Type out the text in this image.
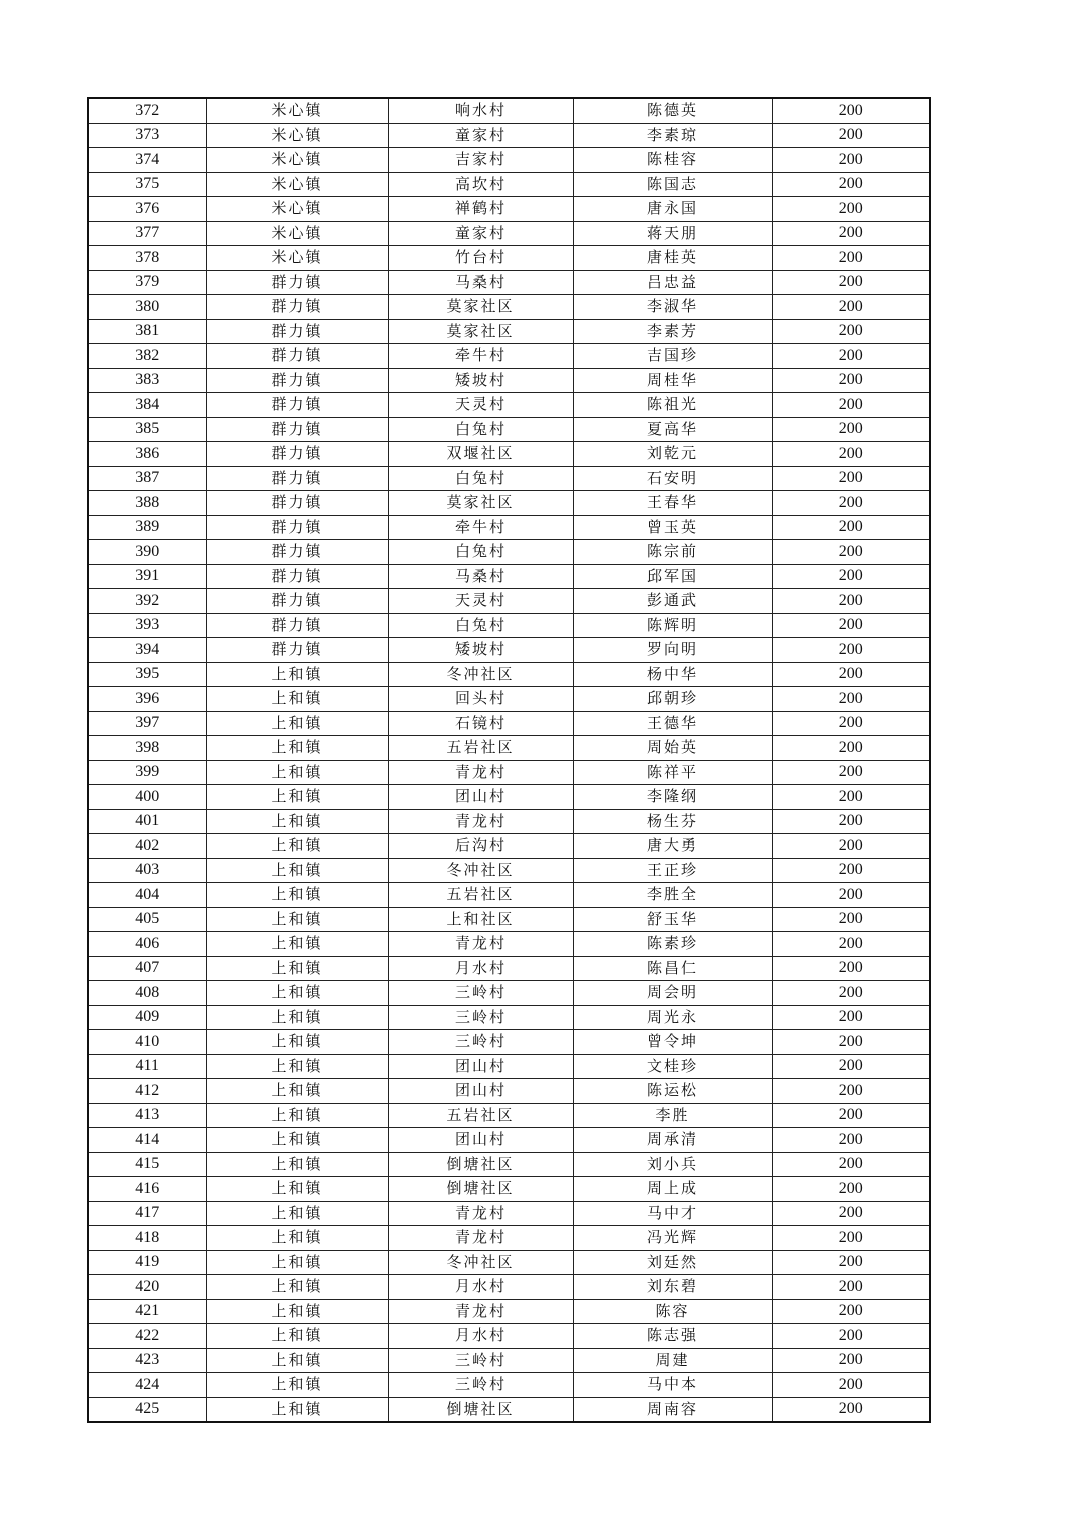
372	米心镇	响水村	陈德英	200
373	米心镇	童家村	李素琼	200
374	米心镇	吉家村	陈桂容	200
375	米心镇	高坎村	陈国志	200
376	米心镇	禅鹤村	唐永国	200
377	米心镇	童家村	蒋天朋	200
378	米心镇	竹台村	唐桂英	200
379	群力镇	马桑村	吕忠益	200
380	群力镇	莫家社区	李淑华	200
381	群力镇	莫家社区	李素芳	200
382	群力镇	牵牛村	吉国珍	200
383	群力镇	矮坡村	周桂华	200
384	群力镇	天灵村	陈祖光	200
385	群力镇	白兔村	夏高华	200
386	群力镇	双堰社区	刘乾元	200
387	群力镇	白兔村	石安明	200
388	群力镇	莫家社区	王春华	200
389	群力镇	牵牛村	曾玉英	200
390	群力镇	白兔村	陈宗前	200
391	群力镇	马桑村	邱军国	200
392	群力镇	天灵村	彭通武	200
393	群力镇	白兔村	陈辉明	200
394	群力镇	矮坡村	罗向明	200
395	上和镇	冬冲社区	杨中华	200
396	上和镇	回头村	邱朝珍	200
397	上和镇	石镜村	王德华	200
398	上和镇	五岩社区	周始英	200
399	上和镇	青龙村	陈祥平	200
400	上和镇	团山村	李隆纲	200
401	上和镇	青龙村	杨生芬	200
402	上和镇	后沟村	唐大勇	200
403	上和镇	冬冲社区	王正珍	200
404	上和镇	五岩社区	李胜全	200
405	上和镇	上和社区	舒玉华	200
406	上和镇	青龙村	陈素珍	200
407	上和镇	月水村	陈昌仁	200
408	上和镇	三岭村	周会明	200
409	上和镇	三岭村	周光永	200
410	上和镇	三岭村	曾令坤	200
411	上和镇	团山村	文桂珍	200
412	上和镇	团山村	陈运松	200
413	上和镇	五岩社区	李胜	200
414	上和镇	团山村	周承清	200
415	上和镇	倒塘社区	刘小兵	200
416	上和镇	倒塘社区	周上成	200
417	上和镇	青龙村	马中才	200
418	上和镇	青龙村	冯光辉	200
419	上和镇	冬冲社区	刘廷然	200
420	上和镇	月水村	刘东碧	200
421	上和镇	青龙村	陈容	200
422	上和镇	月水村	陈志强	200
423	上和镇	三岭村	周建	200
424	上和镇	三岭村	马中本	200
425	上和镇	倒塘社区	周南容	200
